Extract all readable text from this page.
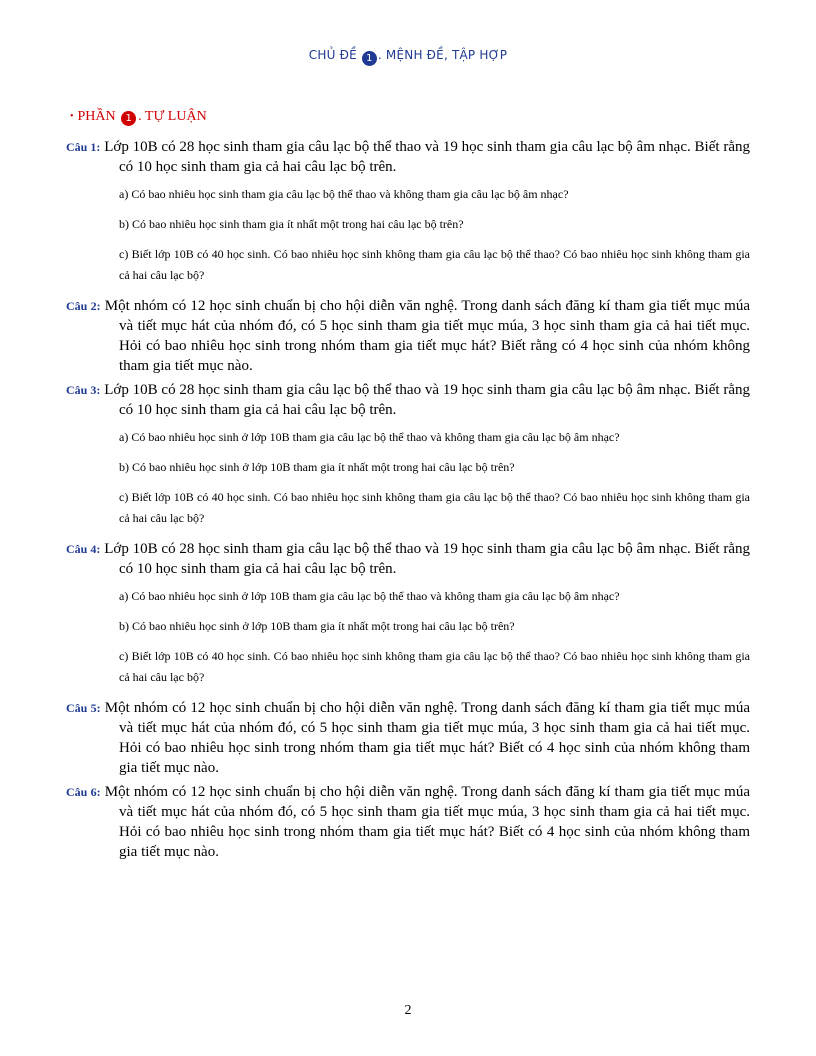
CHỦ ĐỀ 1 . MỆNH ĐỀ, TẬP HỢP
• PHẦN 1 . TỰ LUẬN
Câu 1: Lớp 10B có 28 học sinh tham gia câu lạc bộ thể thao và 19 học sinh tham gia câu lạc bộ âm nhạc. Biết rằng có 10 học sinh tham gia cả hai câu lạc bộ trên.
a) Có bao nhiêu học sinh tham gia câu lạc bộ thể thao và không tham gia câu lạc bộ âm nhạc?
b) Có bao nhiêu học sinh tham gia ít nhất một trong hai câu lạc bộ trên?
c) Biết lớp 10B có 40 học sinh. Có bao nhiêu học sinh không tham gia câu lạc bộ thể thao? Có bao nhiêu học sinh không tham gia cả hai câu lạc bộ?
Câu 2: Một nhóm có 12 học sinh chuẩn bị cho hội diễn văn nghệ. Trong danh sách đăng kí tham gia tiết mục múa và tiết mục hát của nhóm đó, có 5 học sinh tham gia tiết mục múa, 3 học sinh tham gia cả hai tiết mục. Hỏi có bao nhiêu học sinh trong nhóm tham gia tiết mục hát? Biết rằng có 4 học sinh của nhóm không tham gia tiết mục nào.
Câu 3: Lớp 10B có 28 học sinh tham gia câu lạc bộ thể thao và 19 học sinh tham gia câu lạc bộ âm nhạc. Biết rằng có 10 học sinh tham gia cả hai câu lạc bộ trên.
a) Có bao nhiêu học sinh ở lớp 10B tham gia câu lạc bộ thể thao và không tham gia câu lạc bộ âm nhạc?
b) Có bao nhiêu học sinh ở lớp 10B tham gia ít nhất một trong hai câu lạc bộ trên?
c) Biết lớp 10B có 40 học sinh. Có bao nhiêu học sinh không tham gia câu lạc bộ thể thao? Có bao nhiêu học sinh không tham gia cả hai câu lạc bộ?
Câu 4: Lớp 10B có 28 học sinh tham gia câu lạc bộ thể thao và 19 học sinh tham gia câu lạc bộ âm nhạc. Biết rằng có 10 học sinh tham gia cả hai câu lạc bộ trên.
a) Có bao nhiêu học sinh ở lớp 10B tham gia câu lạc bộ thể thao và không tham gia câu lạc bộ âm nhạc?
b) Có bao nhiêu học sinh ở lớp 10B tham gia ít nhất một trong hai câu lạc bộ trên?
c) Biết lớp 10B có 40 học sinh. Có bao nhiêu học sinh không tham gia câu lạc bộ thể thao? Có bao nhiêu học sinh không tham gia cả hai câu lạc bộ?
Câu 5: Một nhóm có 12 học sinh chuẩn bị cho hội diễn văn nghệ. Trong danh sách đăng kí tham gia tiết mục múa và tiết mục hát của nhóm đó, có 5 học sinh tham gia tiết mục múa, 3 học sinh tham gia cả hai tiết mục. Hỏi có bao nhiêu học sinh trong nhóm tham gia tiết mục hát? Biết có 4 học sinh của nhóm không tham gia tiết mục nào.
Câu 6: Một nhóm có 12 học sinh chuẩn bị cho hội diễn văn nghệ. Trong danh sách đăng kí tham gia tiết mục múa và tiết mục hát của nhóm đó, có 5 học sinh tham gia tiết mục múa, 3 học sinh tham gia cả hai tiết mục. Hỏi có bao nhiêu học sinh trong nhóm tham gia tiết mục hát? Biết có 4 học sinh của nhóm không tham gia tiết mục nào.
2
